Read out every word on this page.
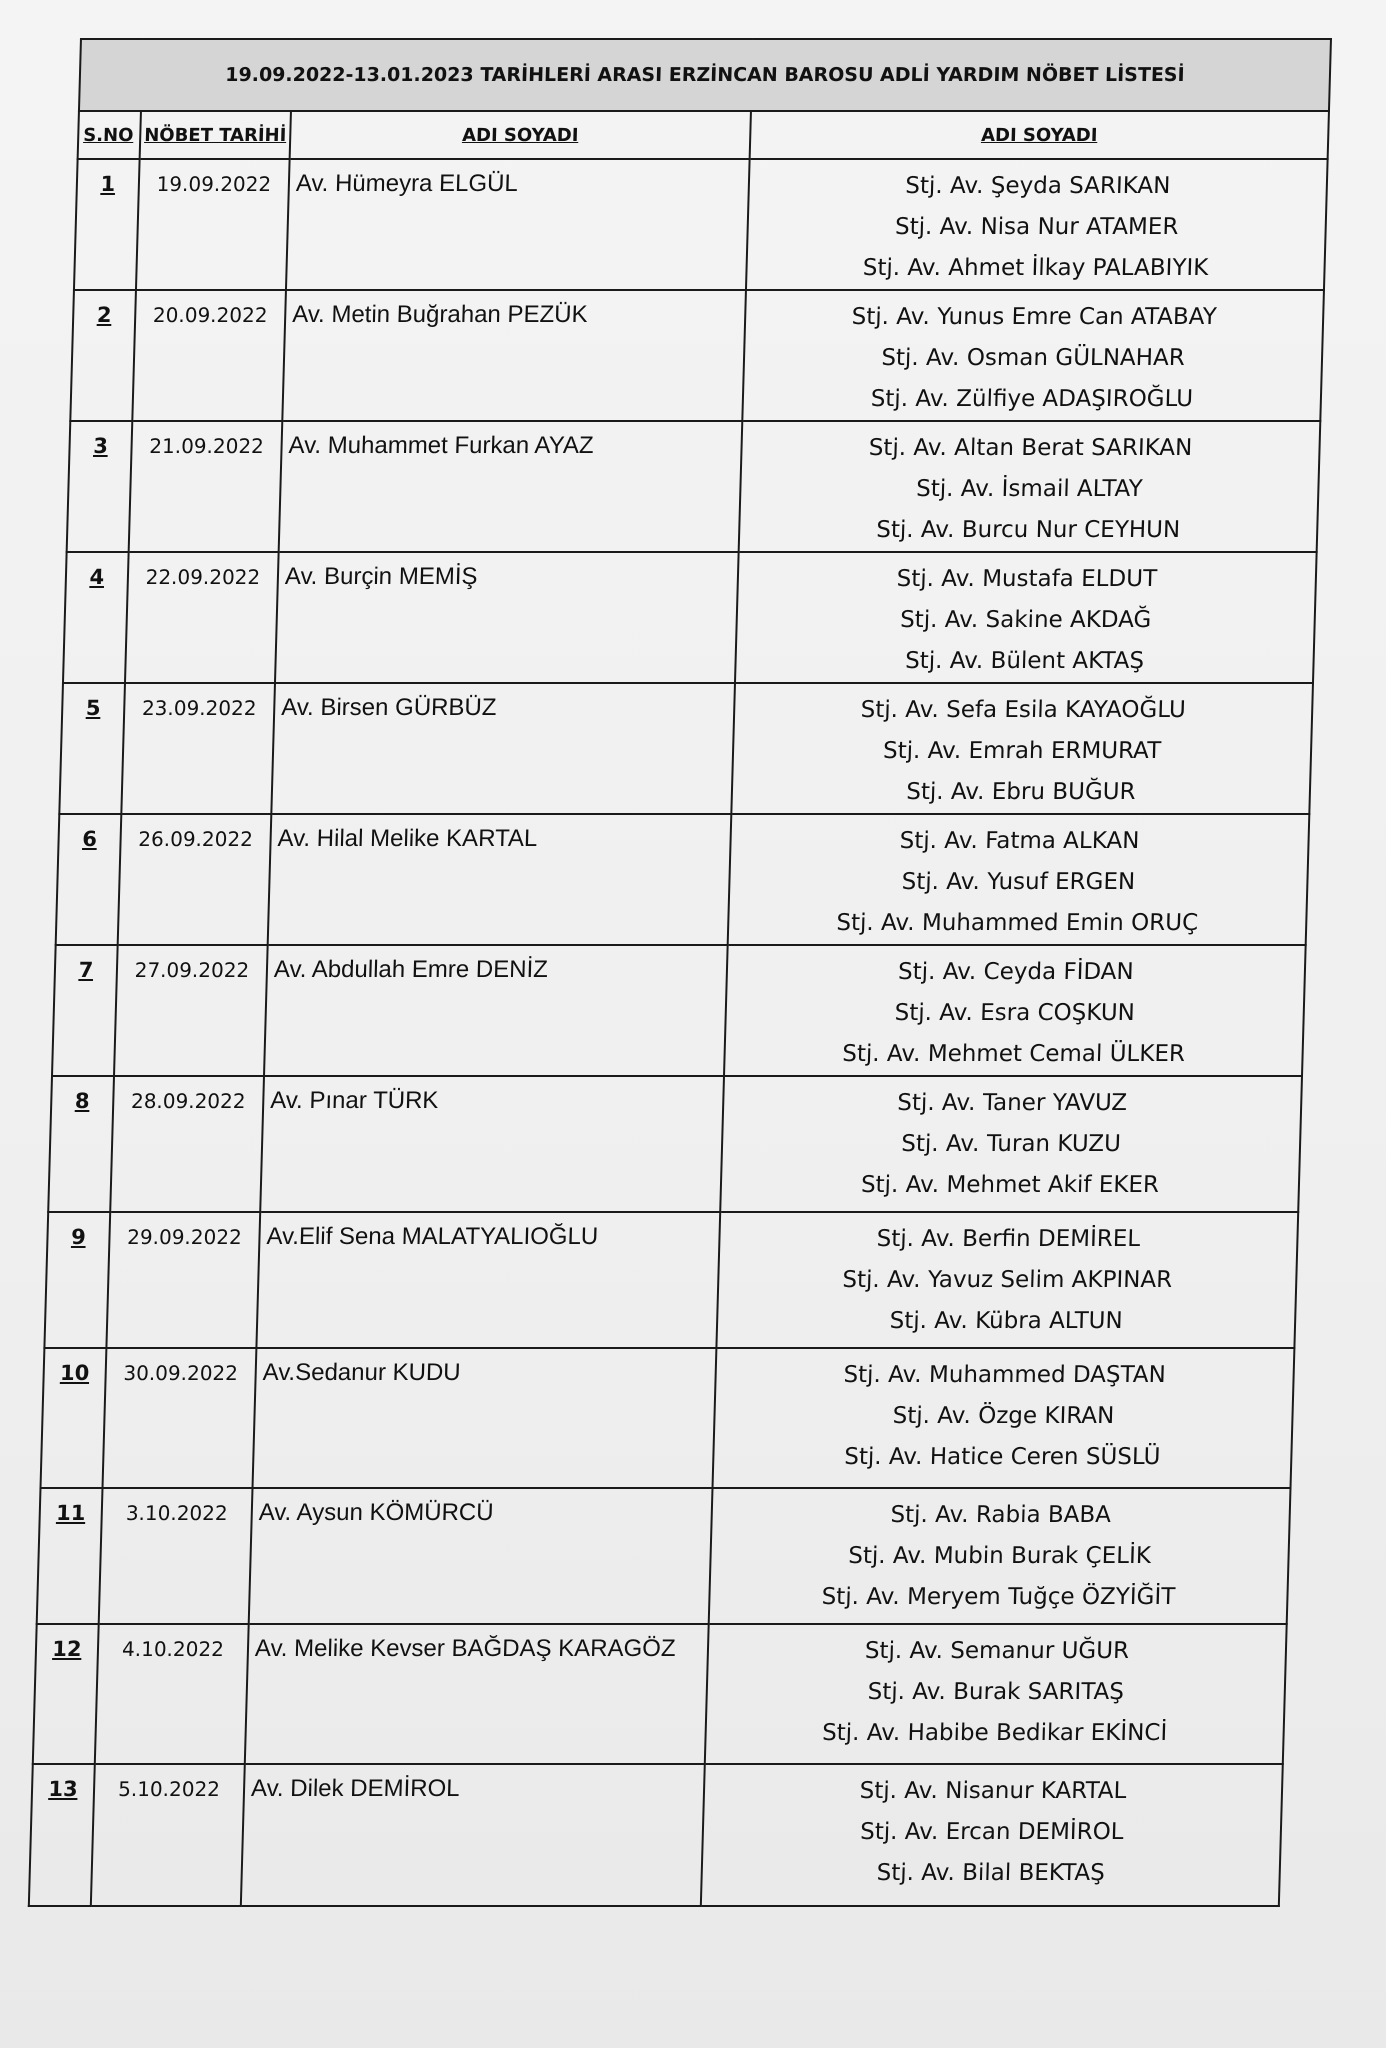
19.09.2022-13.01.2023 TARİHLERİ ARASI ERZİNCAN BAROSU ADLİ YARDIM NÖBET LİSTESİ			
S.NO	NÖBET TARİHİ	ADI SOYADI	ADI SOYADI
1	19.09.2022	Av. Hümeyra ELGÜL	Stj. Av. Şeyda SARIKAN
Stj. Av. Nisa Nur ATAMER
Stj. Av. Ahmet İlkay PALABIYIK

2	20.09.2022	Av. Metin Buğrahan PEZÜK	Stj. Av. Yunus Emre Can ATABAY
Stj. Av. Osman GÜLNAHAR
Stj. Av. Zülfiye ADAŞIROĞLU

3	21.09.2022	Av. Muhammet Furkan AYAZ	Stj. Av. Altan Berat SARIKAN
Stj. Av. İsmail ALTAY
Stj. Av. Burcu Nur CEYHUN

4	22.09.2022	Av. Burçin MEMİŞ	Stj. Av. Mustafa ELDUT
Stj. Av. Sakine AKDAĞ
Stj. Av. Bülent AKTAŞ

5	23.09.2022	Av. Birsen GÜRBÜZ	Stj. Av. Sefa Esila KAYAOĞLU
Stj. Av. Emrah ERMURAT
Stj. Av. Ebru BUĞUR

6	26.09.2022	Av. Hilal Melike KARTAL	Stj. Av. Fatma ALKAN
Stj. Av. Yusuf ERGEN
Stj. Av. Muhammed Emin ORUÇ

7	27.09.2022	Av. Abdullah Emre DENİZ	Stj. Av. Ceyda FİDAN
Stj. Av. Esra COŞKUN
Stj. Av. Mehmet Cemal ÜLKER

8	28.09.2022	Av. Pınar TÜRK	Stj. Av. Taner YAVUZ
Stj. Av. Turan KUZU
Stj. Av. Mehmet Akif EKER

9	29.09.2022	Av.Elif Sena MALATYALIOĞLU	Stj. Av. Berfin DEMİREL
Stj. Av. Yavuz Selim AKPINAR
Stj. Av. Kübra ALTUN

10	30.09.2022	Av.Sedanur KUDU	Stj. Av. Muhammed DAŞTAN
Stj. Av. Özge KIRAN
Stj. Av. Hatice Ceren SÜSLÜ

11	3.10.2022	Av. Aysun KÖMÜRCÜ	Stj. Av. Rabia BABA
Stj. Av. Mubin Burak ÇELİK
Stj. Av. Meryem Tuğçe ÖZYİĞİT

12	4.10.2022	Av. Melike Kevser BAĞDAŞ KARAGÖZ	Stj. Av. Semanur UĞUR
Stj. Av. Burak SARITAŞ
Stj. Av. Habibe Bedikar EKİNCİ

13	5.10.2022	Av. Dilek DEMİROL	Stj. Av. Nisanur KARTAL
Stj. Av. Ercan DEMİROL
Stj. Av. Bilal BEKTAŞ
